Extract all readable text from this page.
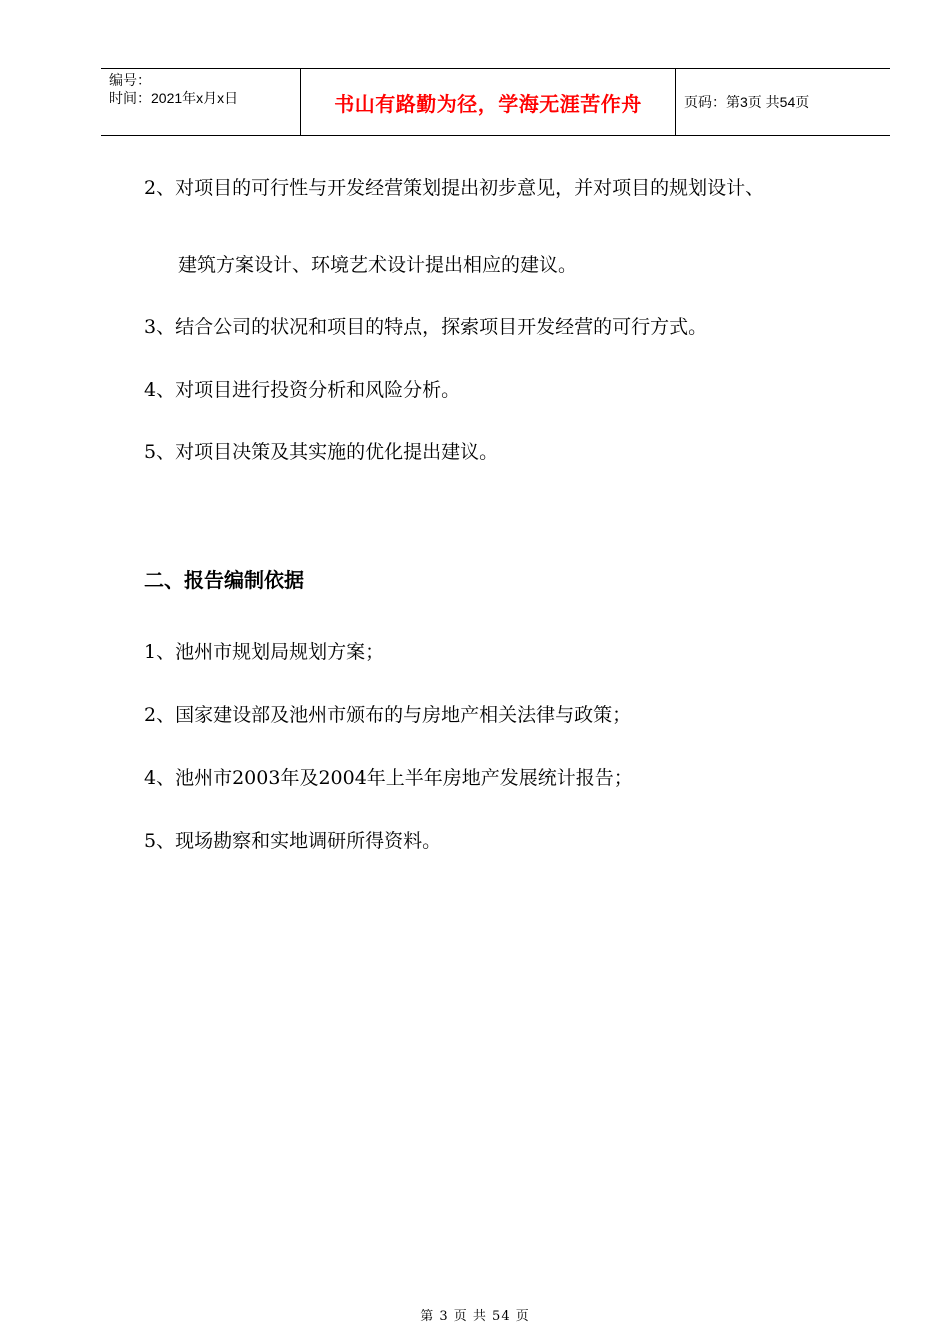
编号：
时间：2021年x月x日	书山有路勤为径，学海无涯苦作舟	页码：第3页 共54页
2、对项目的可行性与开发经营策划提出初步意见，并对项目的规划设计、
建筑方案设计、环境艺术设计提出相应的建议。
3、结合公司的状况和项目的特点，探索项目开发经营的可行方式。
4、对项目进行投资分析和风险分析。
5、对项目决策及其实施的优化提出建议。
二、报告编制依据
1、池州市规划局规划方案；
2、国家建设部及池州市颁布的与房地产相关法律与政策；
4、池州市2003年及2004年上半年房地产发展统计报告；
5、现场勘察和实地调研所得资料。
第 3 页 共 54 页
